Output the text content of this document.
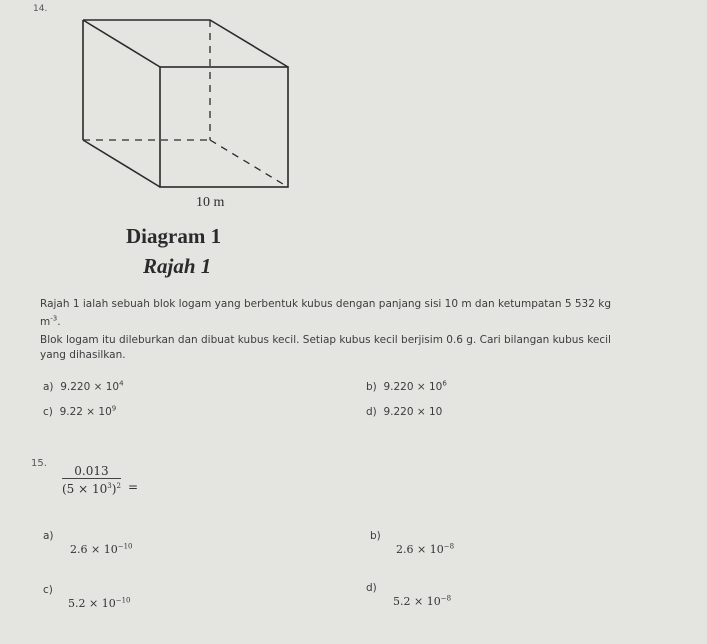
14.
10 m
Diagram 1
Rajah 1
Rajah 1 ialah sebuah blok logam yang berbentuk kubus dengan panjang sisi 10 m dan ketumpatan 5 532 kg
$m^{-3}$.
Blok logam itu dileburkan dan dibuat kubus kecil. Setiap kubus kecil berjisim 0.6 g. Cari bilangan kubus kecil
yang dihasilkan.
a) $9.220 \times 10^4$	b) $9.220 \times 10^6$
c) $9.22 \times 10^9$	d) 9.220 × 10
15.
$\frac{0.013}{(5 \times 10^3)^2}$ =
a)
$2.6 \times 10^{-10}$
b)
$2.6 \times 10^{-8}$
c)
$5.2 \times 10^{-10}$
d)
$5.2 \times 10^{-8}$
